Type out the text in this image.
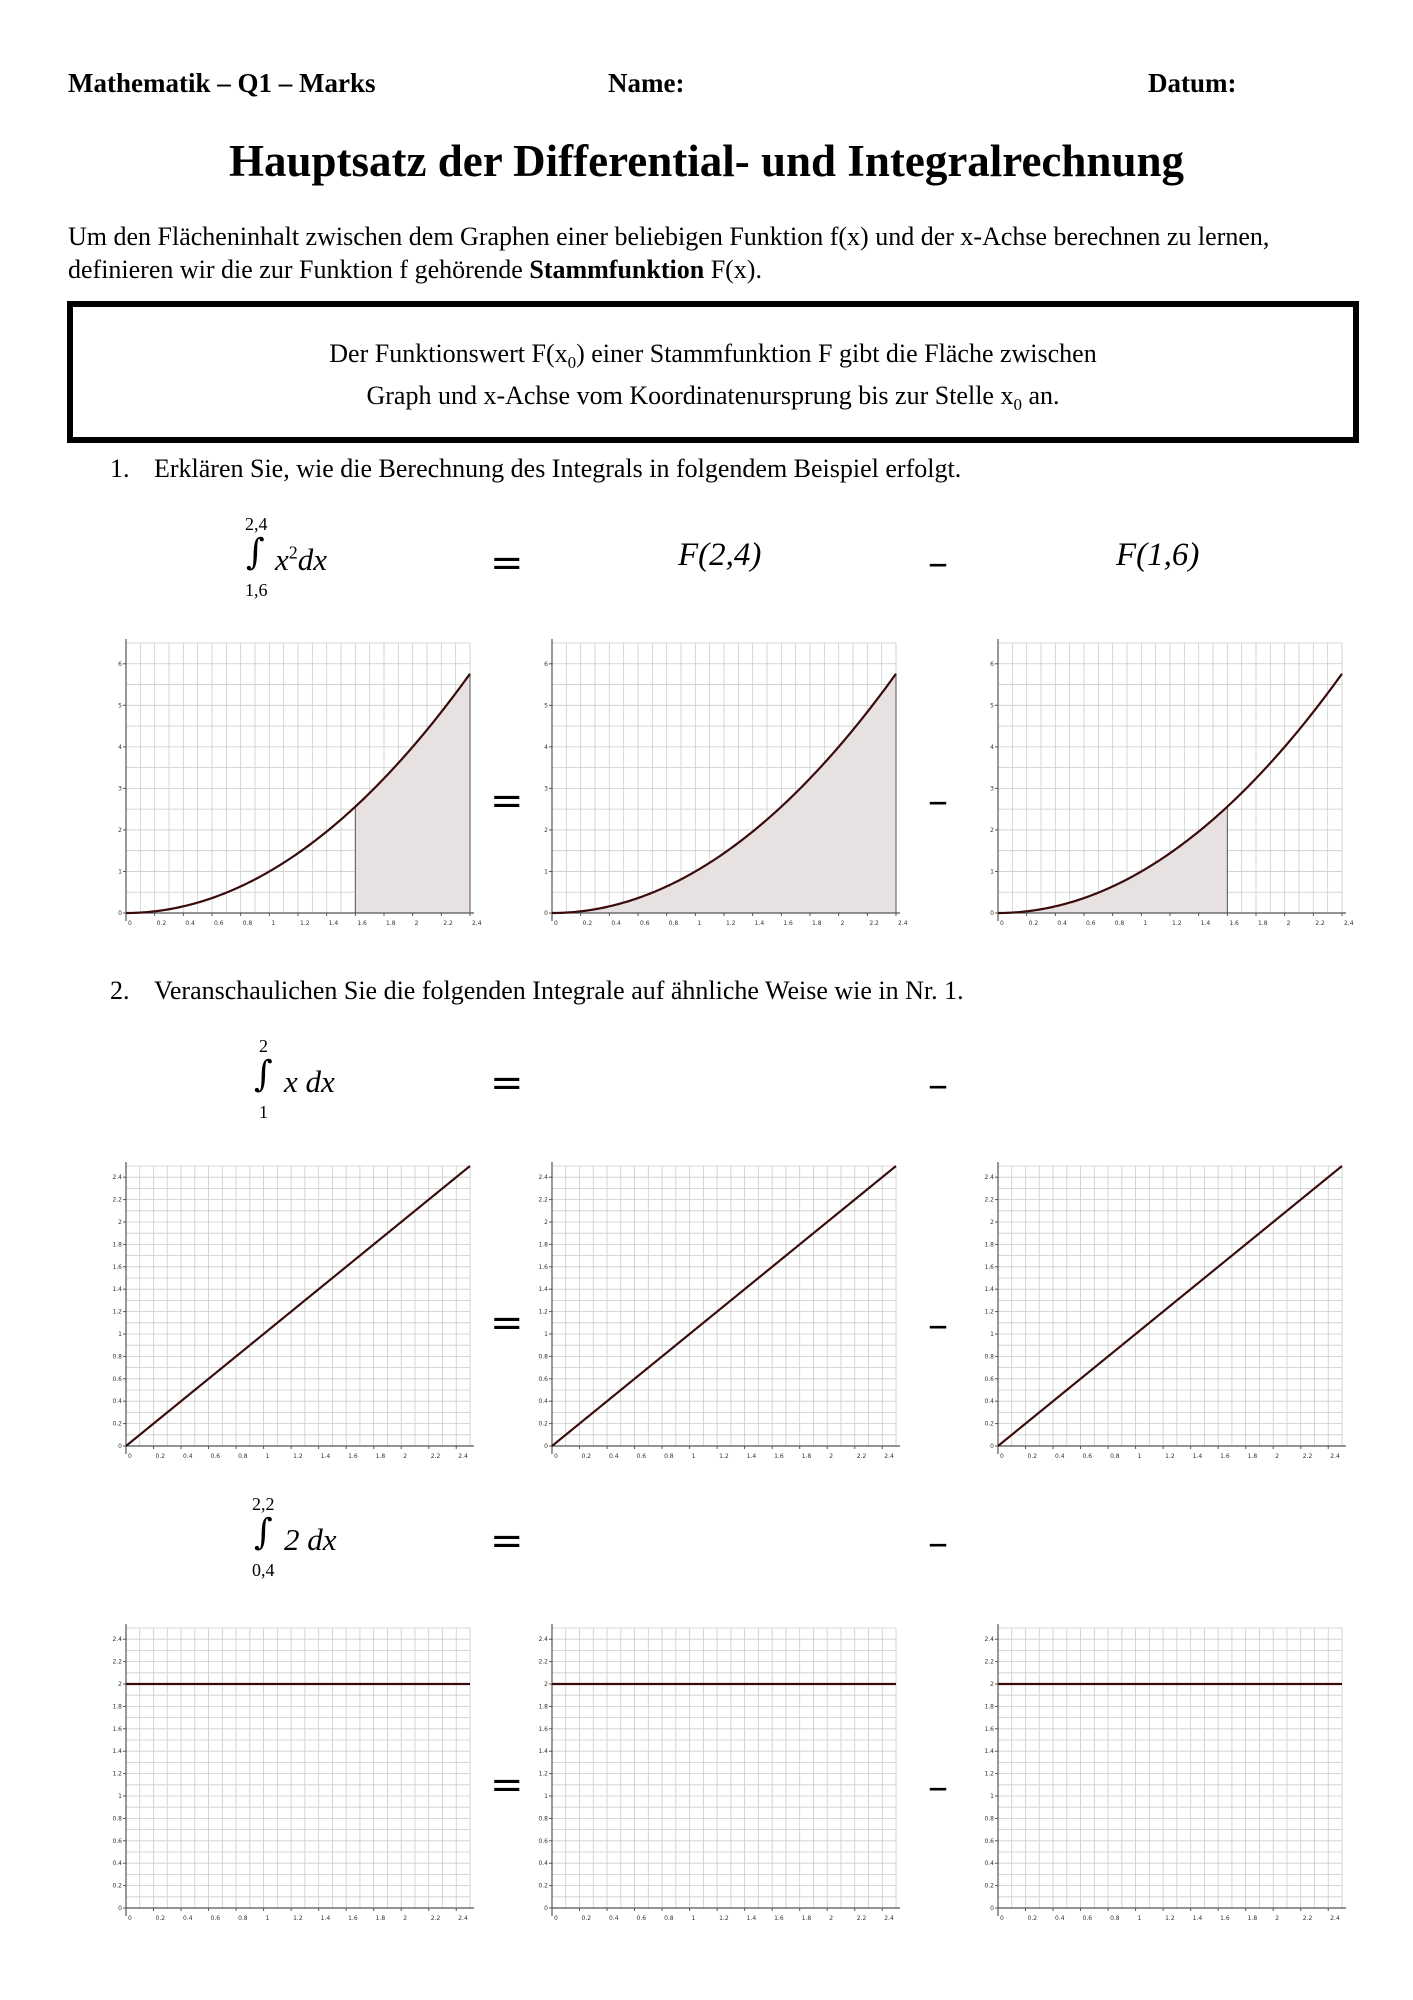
Mathematik – Q1 – Marks	Name:	Datum:
Hauptsatz der Differential- und Integralrechnung
Um den Flächeninhalt zwischen dem Graphen einer beliebigen Funktion f(x) und der x-Achse berechnen zu lernen, definieren wir die zur Funktion f gehörende Stammfunktion F(x).
Der Funktionswert $F(x_0)$ einer Stammfunktion F gibt die Fläche zwischen
Graph und x-Achse vom Koordinatenursprung bis zur Stelle $x_0$ an.
1. Erklären Sie, wie die Berechnung des Integrals in folgendem Beispiel erfolgt.
2,4
∫ $x^2dx$
1,6
=	F(2,4)	–	F(1,6)
0	0.2	0.4	0.6	0.8	1	1.2	1.4	1.6	1.8	2	2.2	2.4
0
1
2
3
4
5
6
=
0	0.2	0.4	0.6	0.8	1	1.2	1.4	1.6	1.8	2	2.2	2.4
0
1
2
3
4
5
6
–
0	0.2	0.4	0.6	0.8	1	1.2	1.4	1.6	1.8	2	2.2	2.4
0
1
2
3
4
5
6
2. Veranschaulichen Sie die folgenden Integrale auf ähnliche Weise wie in Nr. 1.
2
∫ x dx
1
=	–
0	0.2	0.4	0.6	0.8	1	1.2	1.4	1.6	1.8	2	2.2	2.4
0
0.2
0.4
0.6
0.8
1
1.2
1.4
1.6
1.8
2
2.2
2.4
=
0	0.2	0.4	0.6	0.8	1	1.2	1.4	1.6	1.8	2	2.2	2.4
0
0.2
0.4
0.6
0.8
1
1.2
1.4
1.6
1.8
2
2.2
2.4
–
0	0.2	0.4	0.6	0.8	1	1.2	1.4	1.6	1.8	2	2.2	2.4
0
0.2
0.4
0.6
0.8
1
1.2
1.4
1.6
1.8
2
2.2
2.4
2,2
∫ 2 dx
0,4
=	–
0	0.2	0.4	0.6	0.8	1	1.2	1.4	1.6	1.8	2	2.2	2.4
0
0.2
0.4
0.6
0.8
1
1.2
1.4
1.6
1.8
2
2.2
2.4
=
0	0.2	0.4	0.6	0.8	1	1.2	1.4	1.6	1.8	2	2.2	2.4
0
0.2
0.4
0.6
0.8
1
1.2
1.4
1.6
1.8
2
2.2
2.4
–
0	0.2	0.4	0.6	0.8	1	1.2	1.4	1.6	1.8	2	2.2	2.4
0
0.2
0.4
0.6
0.8
1
1.2
1.4
1.6
1.8
2
2.2
2.4
